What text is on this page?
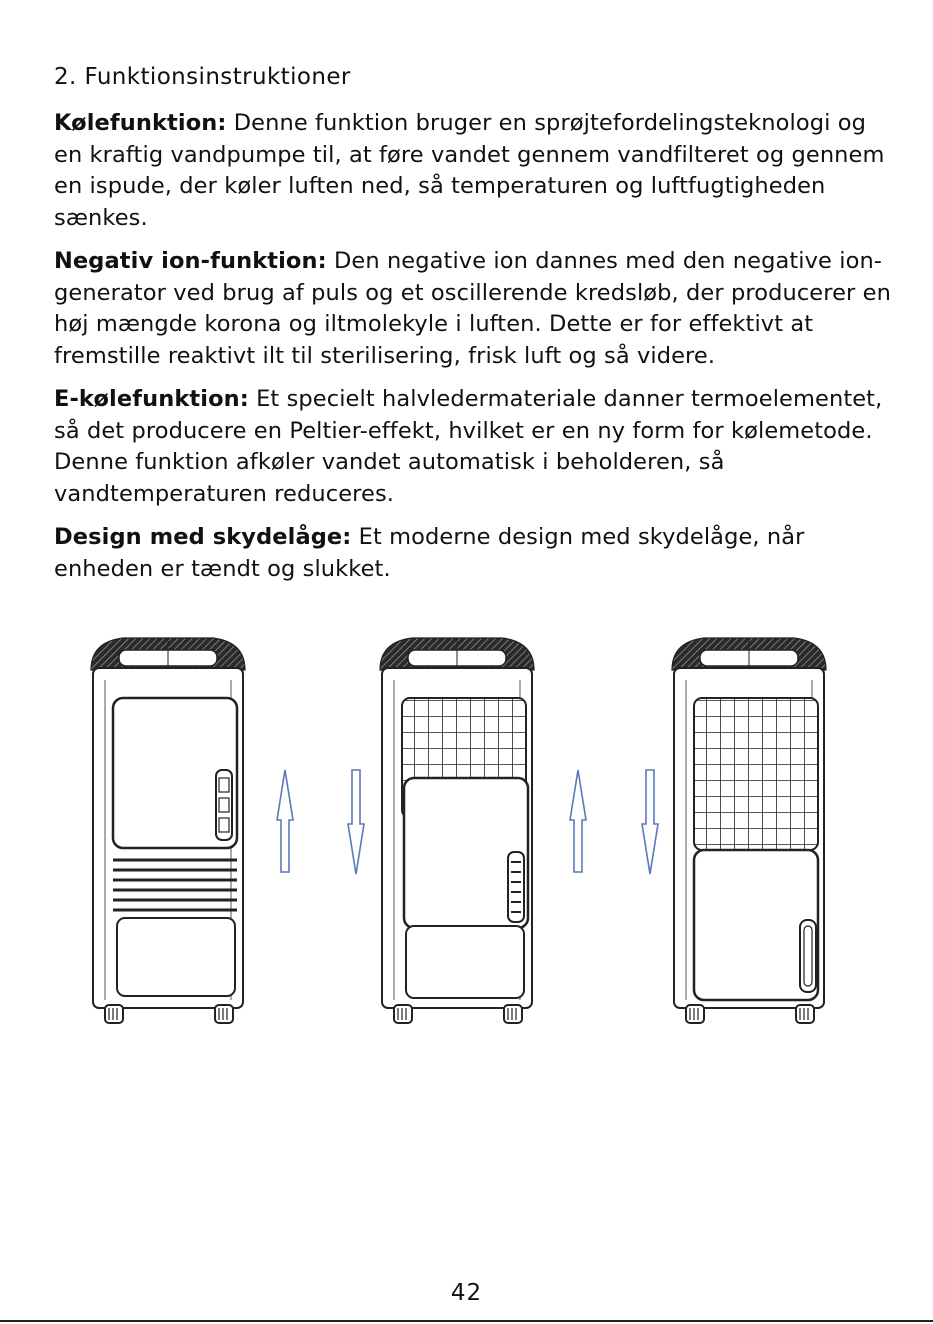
2. Funktionsinstruktioner
Kølefunktion: Denne funktion bruger en sprøjtefordelingsteknologi og en kraftig vandpumpe til, at føre vandet gennem vandfilteret og gennem en ispude, der køler luften ned, så temperaturen og luftfugtigheden sænkes.
Negativ ion-funktion: Den negative ion dannes med den negative ion-generator ved brug af puls og et oscillerende kredsløb, der producerer en høj mængde korona og iltmolekyle i luften. Dette er for effektivt at fremstille reaktivt ilt til sterilisering, frisk luft og så videre.
E-kølefunktion: Et specielt halvledermateriale danner termoelementet, så det producere en Peltier-effekt, hvilket er en ny form for kølemetode. Denne funktion afkøler vandet automatisk i beholderen, så vandtemperaturen reduceres.
Design med skydelåge: Et moderne design med skydelåge, når enheden er tændt og slukket.
42
